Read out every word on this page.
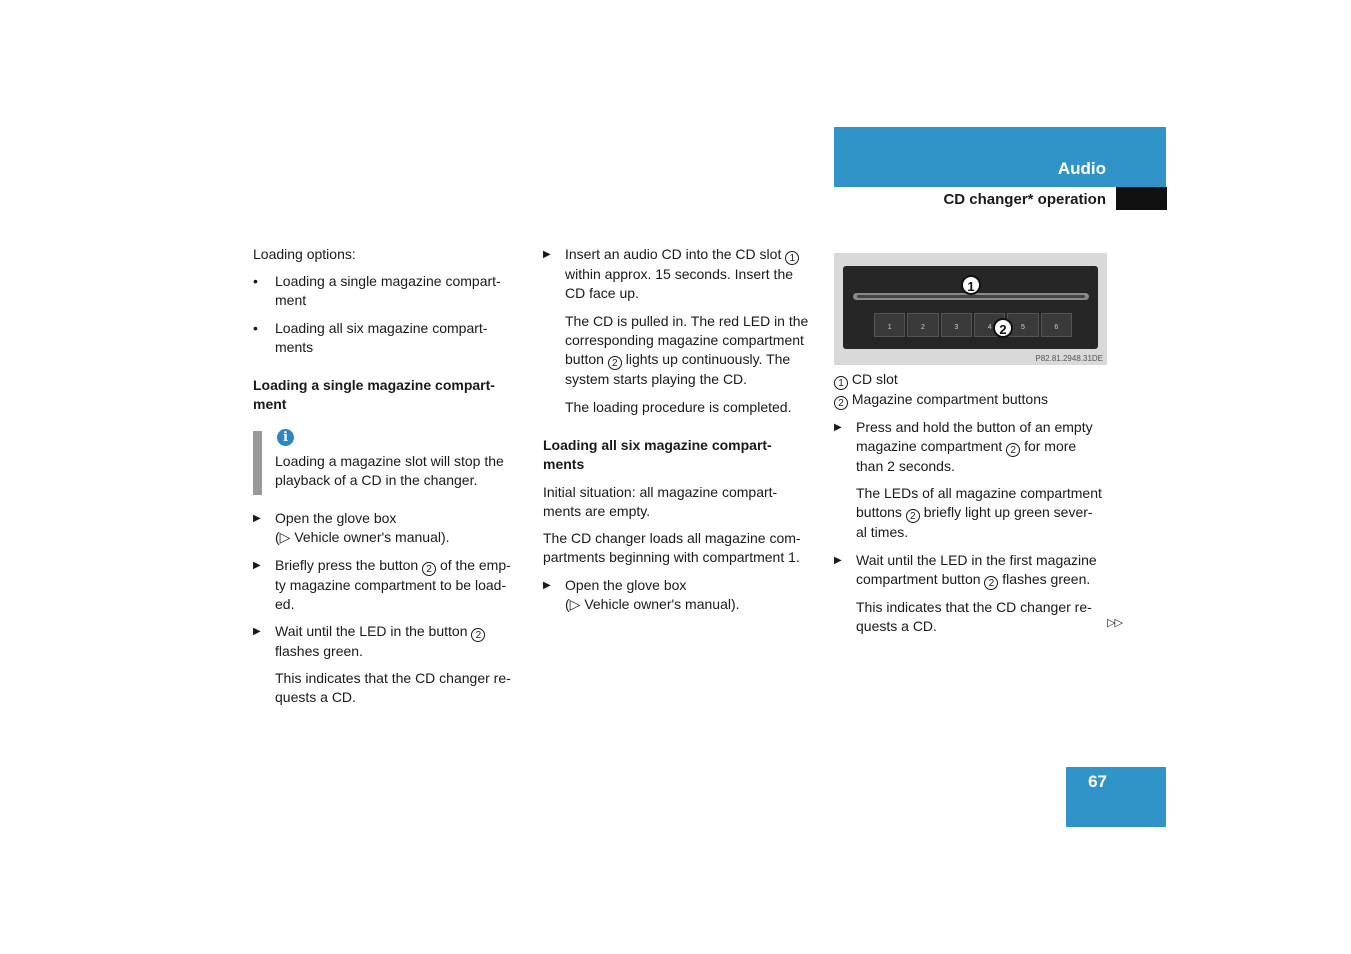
Audio
CD changer* operation

Loading options:

• Loading a single magazine compart-
ment
• Loading all six magazine compart-
ments
Loading a single magazine compart-
ment
i
Loading a magazine slot will stop the
playback of a CD in the changer.
▶ Open the glove box
(▷ Vehicle owner's manual).
▶ Briefly press the button 2 of the emp-
ty magazine compartment to be load-
ed.
▶ Wait until the LED in the button 2
flashes green.
This indicates that the CD changer re-
quests a CD.
▶ Insert an audio CD into the CD slot 1
within approx. 15 seconds. Insert the
CD face up.
The CD is pulled in. The red LED in the
corresponding magazine compartment
button 2 lights up continuously. The
system starts playing the CD.
The loading procedure is completed.
Loading all six magazine compart-
ments
Initial situation: all magazine compart-
ments are empty.
The CD changer loads all magazine com-
partments beginning with compartment 1.
▶ Open the glove box
(▷ Vehicle owner's manual).
1	2	3	4	5	6
1
2
P82.81.2948.31DE
1 CD slot
2 Magazine compartment buttons
▶ Press and hold the button of an empty
magazine compartment 2 for more
than 2 seconds.
The LEDs of all magazine compartment
buttons 2 briefly light up green sever-
al times.
▶ Wait until the LED in the first magazine
compartment button 2 flashes green.
This indicates that the CD changer re-
quests a CD.	▷▷
67
